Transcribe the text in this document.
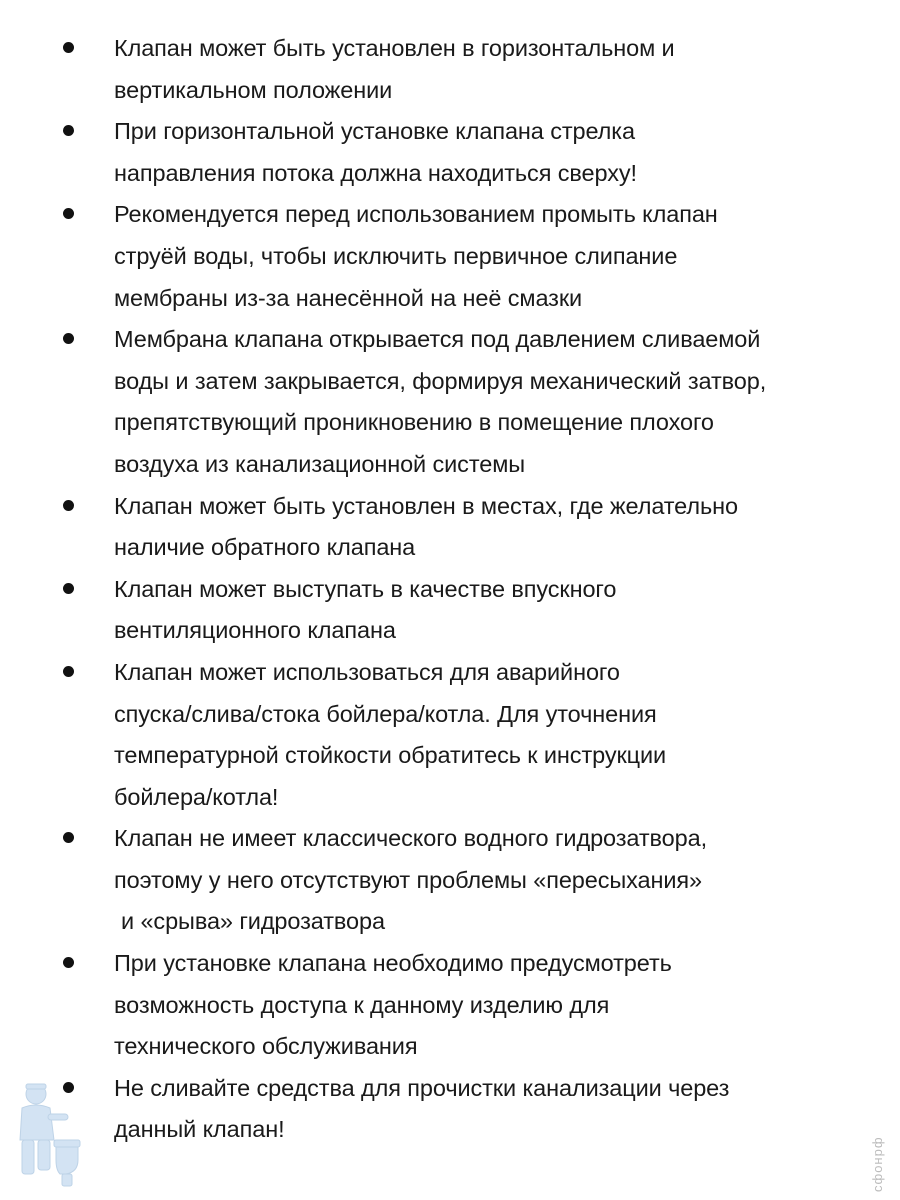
Клапан может быть установлен в горизонтальном и
вертикальном положении
При горизонтальной установке клапана стрелка
направления потока должна находиться сверху!
Рекомендуется перед использованием промыть клапан
струёй воды, чтобы исключить первичное слипание
мембраны из-за нанесённой на неё смазки
Мембрана клапана открывается под давлением сливаемой
воды и затем закрывается, формируя механический затвор,
препятствующий проникновению в помещение плохого
воздуха из канализационной системы
Клапан может быть установлен в местах, где желательно
наличие обратного клапана
Клапан может выступать в качестве впускного
вентиляционного клапана
Клапан может использоваться для аварийного
спуска/слива/стока бойлера/котла. Для уточнения
температурной стойкости обратитесь к инструкции
бойлера/котла!
Клапан не имеет классического водного гидрозатвора,
поэтому у него отсутствуют проблемы «пересыхания»
и «срыва» гидрозатвора
При установке клапана необходимо предусмотреть
возможность доступа к данному изделию для
технического обслуживания
Не сливайте средства для прочистки канализации через
данный клапан!
сфонрф
